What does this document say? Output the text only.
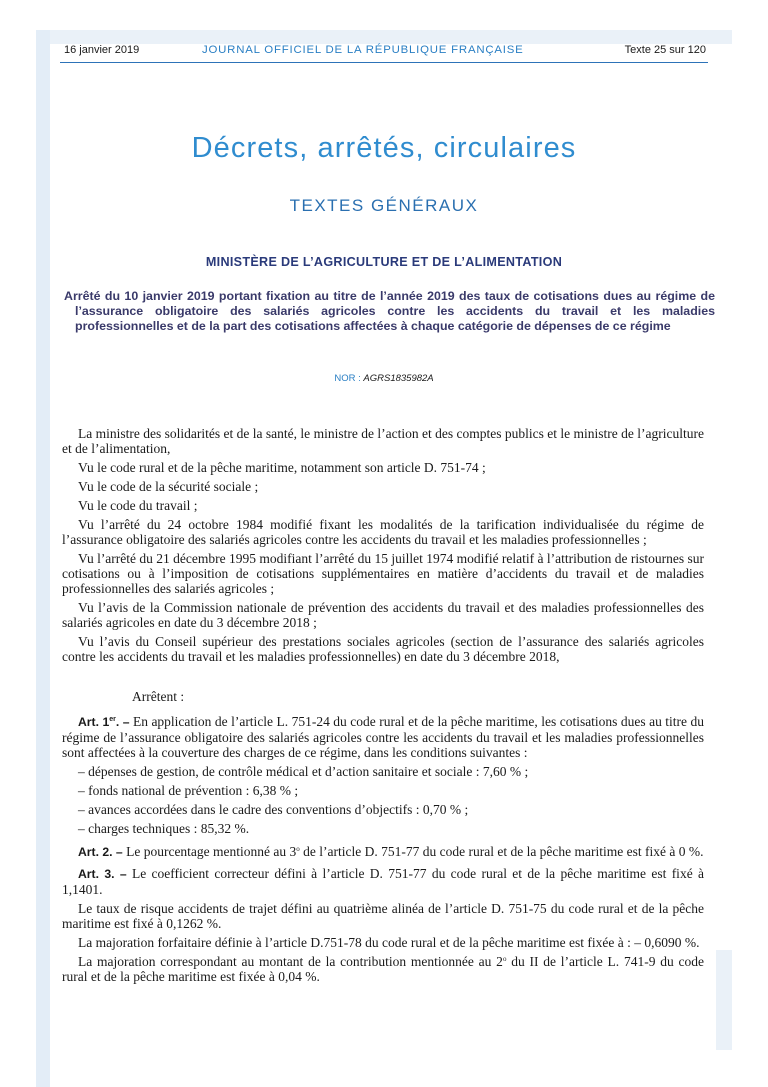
16 janvier 2019	JOURNAL OFFICIEL DE LA RÉPUBLIQUE FRANÇAISE	Texte 25 sur 120
Décrets, arrêtés, circulaires
TEXTES GÉNÉRAUX
MINISTÈRE DE L’AGRICULTURE ET DE L’ALIMENTATION
Arrêté du 10 janvier 2019 portant fixation au titre de l’année 2019 des taux de cotisations dues au régime de l’assurance obligatoire des salariés agricoles contre les accidents du travail et les maladies professionnelles et de la part des cotisations affectées à chaque catégorie de dépenses de ce régime
NOR : AGRS1835982A

La ministre des solidarités et de la santé, le ministre de l’action et des comptes publics et le ministre de l’agriculture et de l’alimentation,

Vu le code rural et de la pêche maritime, notamment son article D. 751-74 ;

Vu le code de la sécurité sociale ;

Vu le code du travail ;

Vu l’arrêté du 24 octobre 1984 modifié fixant les modalités de la tarification individualisée du régime de l’assurance obligatoire des salariés agricoles contre les accidents du travail et les maladies professionnelles ;

Vu l’arrêté du 21 décembre 1995 modifiant l’arrêté du 15 juillet 1974 modifié relatif à l’attribution de ristournes sur cotisations ou à l’imposition de cotisations supplémentaires en matière d’accidents du travail et de maladies professionnelles des salariés agricoles ;

Vu l’avis de la Commission nationale de prévention des accidents du travail et des maladies professionnelles des salariés agricoles en date du 3 décembre 2018 ;

Vu l’avis du Conseil supérieur des prestations sociales agricoles (section de l’assurance des salariés agricoles contre les accidents du travail et les maladies professionnelles) en date du 3 décembre 2018,

Arrêtent :

Art. 1er. – En application de l’article L. 751-24 du code rural et de la pêche maritime, les cotisations dues au titre du régime de l’assurance obligatoire des salariés agricoles contre les accidents du travail et les maladies professionnelles sont affectées à la couverture des charges de ce régime, dans les conditions suivantes :

– dépenses de gestion, de contrôle médical et d’action sanitaire et sociale : 7,60 % ;
– fonds national de prévention : 6,38 % ;
– avances accordées dans le cadre des conventions d’objectifs : 0,70 % ;
– charges techniques : 85,32 %.

Art. 2. – Le pourcentage mentionné au 3$^o$ de l’article D. 751-77 du code rural et de la pêche maritime est fixé à 0 %.

Art. 3. – Le coefficient correcteur défini à l’article D. 751-77 du code rural et de la pêche maritime est fixé à 1,1401.

Le taux de risque accidents de trajet défini au quatrième alinéa de l’article D. 751-75 du code rural et de la pêche maritime est fixé à 0,1262 %.

La majoration forfaitaire définie à l’article D.751-78 du code rural et de la pêche maritime est fixée à : – 0,6090 %.

La majoration correspondant au montant de la contribution mentionnée au 2$^o$ du II de l’article L. 741-9 du code rural et de la pêche maritime est fixée à 0,04 %.
